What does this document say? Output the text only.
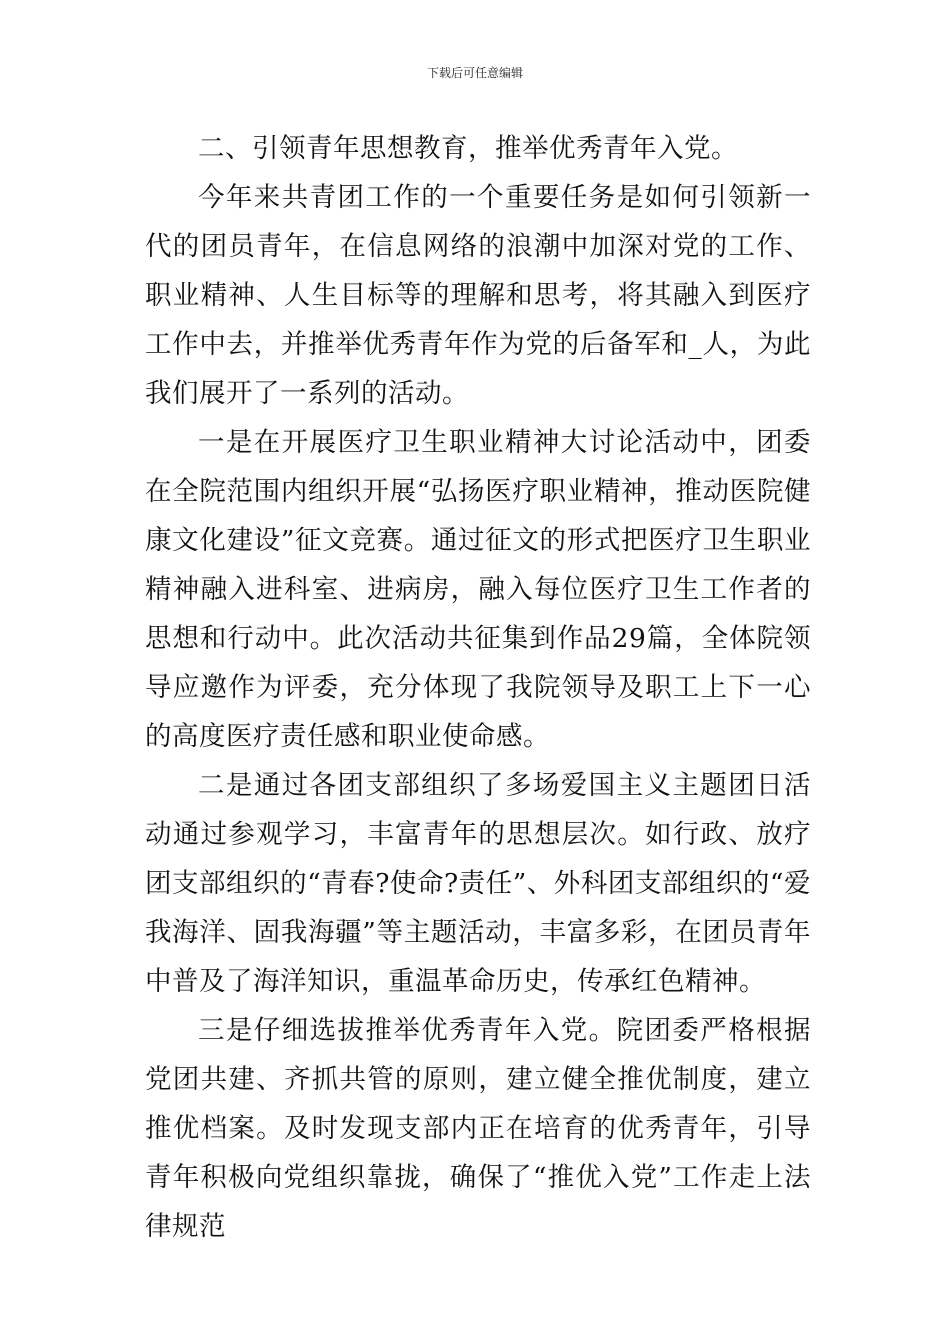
下载后可任意编辑

二、引领青年思想教育，推举优秀青年入党。

今年来共青团工作的一个重要任务是如何引领新一代的团员青年，在信息网络的浪潮中加深对党的工作、职业精神、人生目标等的理解和思考，将其融入到医疗工作中去，并推举优秀青年作为党的后备军和_人，为此我们展开了一系列的活动。

一是在开展医疗卫生职业精神大讨论活动中，团委在全院范围内组织开展“弘扬医疗职业精神，推动医院健康文化建设”征文竞赛。通过征文的形式把医疗卫生职业精神融入进科室、进病房，融入每位医疗卫生工作者的思想和行动中。此次活动共征集到作品29篇，全体院领导应邀作为评委，充分体现了我院领导及职工上下一心的高度医疗责任感和职业使命感。

二是通过各团支部组织了多场爱国主义主题团日活动通过参观学习，丰富青年的思想层次。如行政、放疗团支部组织的“青春?使命?责任”、外科团支部组织的“爱我海洋、固我海疆”等主题活动，丰富多彩，在团员青年中普及了海洋知识，重温革命历史，传承红色精神。

三是仔细选拔推举优秀青年入党。院团委严格根据党团共建、齐抓共管的原则，建立健全推优制度，建立推优档案。及时发现支部内正在培育的优秀青年，引导青年积极向党组织靠拢，确保了“推优入党”工作走上法律规范
